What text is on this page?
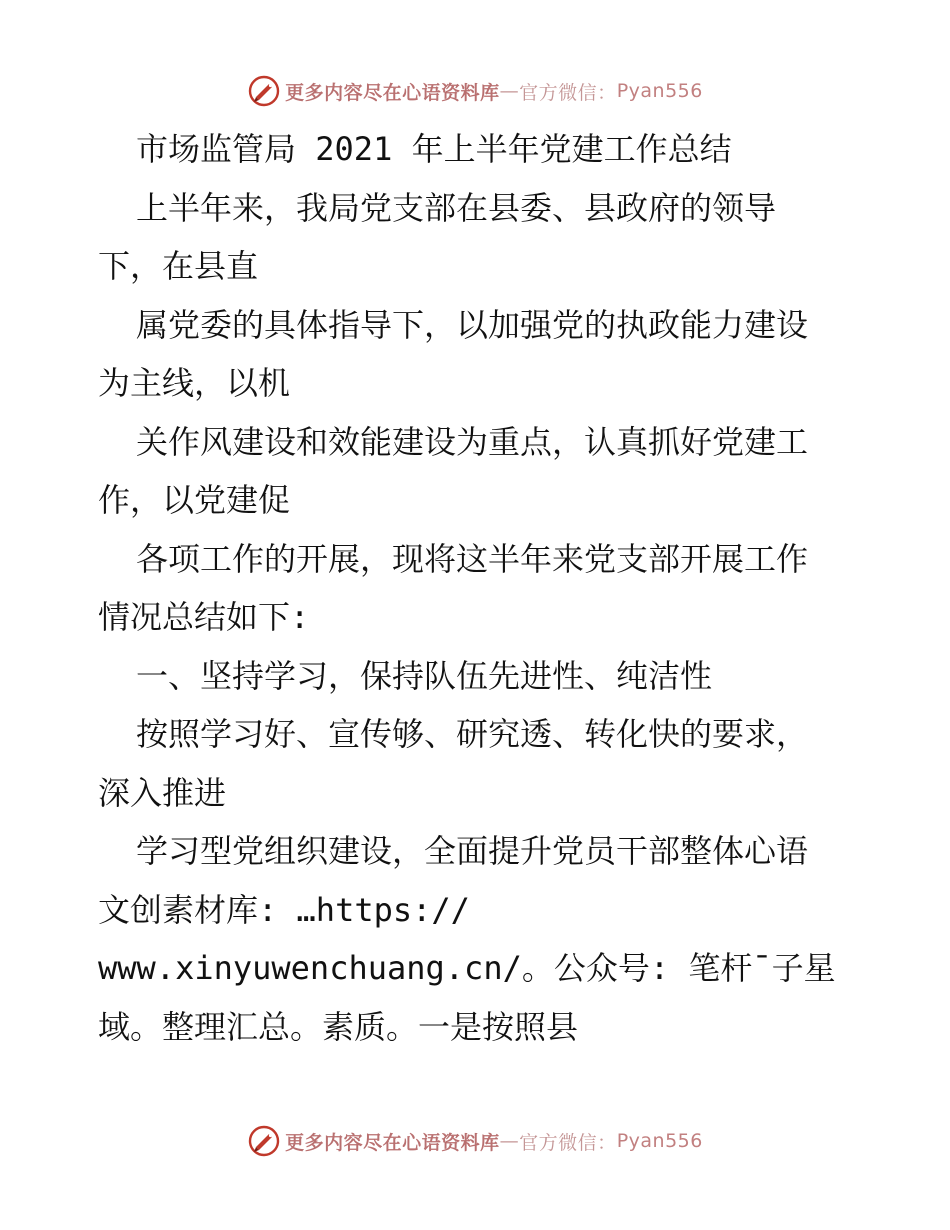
更多内容尽在心语资料库 — 官方微信： Pyan556
市场监管局 2021 年上半年党建工作总结
上半年来，我局党支部在县委、县政府的领导
下，在县直
属党委的具体指导下，以加强党的执政能力建设
为主线，以机
关作风建设和效能建设为重点，认真抓好党建工
作，以党建促
各项工作的开展，现将这半年来党支部开展工作
情况总结如下:
一、坚持学习，保持队伍先进性、纯洁性
按照学习好、宣传够、研究透、转化快的要求，
深入推进
学习型党组织建设，全面提升党员干部整体心语
文创素材库: …https://
www.xinyuwenchuang.cn/。公众号: 笔杆¯子星
域。整理汇总。素质。一是按照县
更多内容尽在心语资料库 — 官方微信： Pyan556
